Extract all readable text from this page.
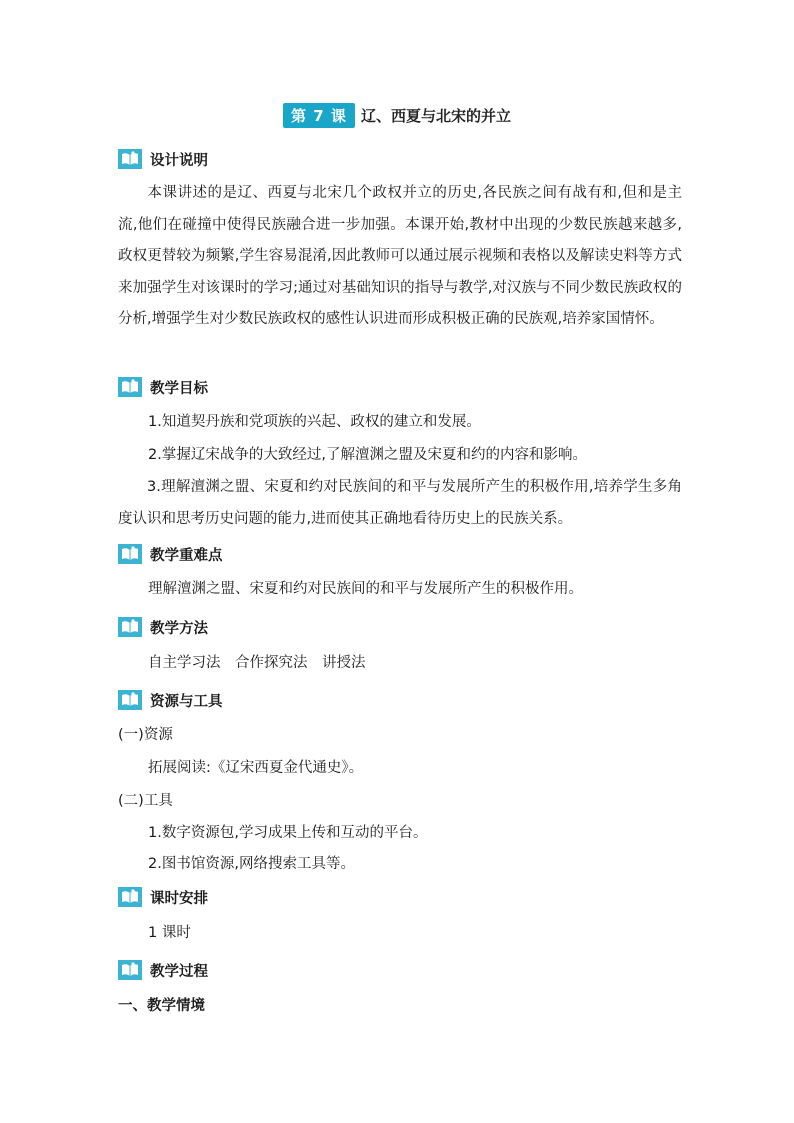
第 7 课 辽、西夏与北宋的并立
设计说明
本课讲述的是辽、西夏与北宋几个政权并立的历史,各民族之间有战有和,但和是主流,他们在碰撞中使得民族融合进一步加强。本课开始,教材中出现的少数民族越来越多,政权更替较为频繁,学生容易混淆,因此教师可以通过展示视频和表格以及解读史料等方式来加强学生对该课时的学习;通过对基础知识的指导与教学,对汉族与不同少数民族政权的分析,增强学生对少数民族政权的感性认识进而形成积极正确的民族观,培养家国情怀。
教学目标
1.知道契丹族和党项族的兴起、政权的建立和发展。
2.掌握辽宋战争的大致经过,了解澶渊之盟及宋夏和约的内容和影响。
3.理解澶渊之盟、宋夏和约对民族间的和平与发展所产生的积极作用,培养学生多角度认识和思考历史问题的能力,进而使其正确地看待历史上的民族关系。
教学重难点
理解澶渊之盟、宋夏和约对民族间的和平与发展所产生的积极作用。
教学方法
自主学习法　合作探究法　讲授法
资源与工具
(一)资源
拓展阅读:《辽宋西夏金代通史》。
(二)工具
1.数字资源包,学习成果上传和互动的平台。
2.图书馆资源,网络搜索工具等。
课时安排
1 课时
教学过程
一、教学情境
